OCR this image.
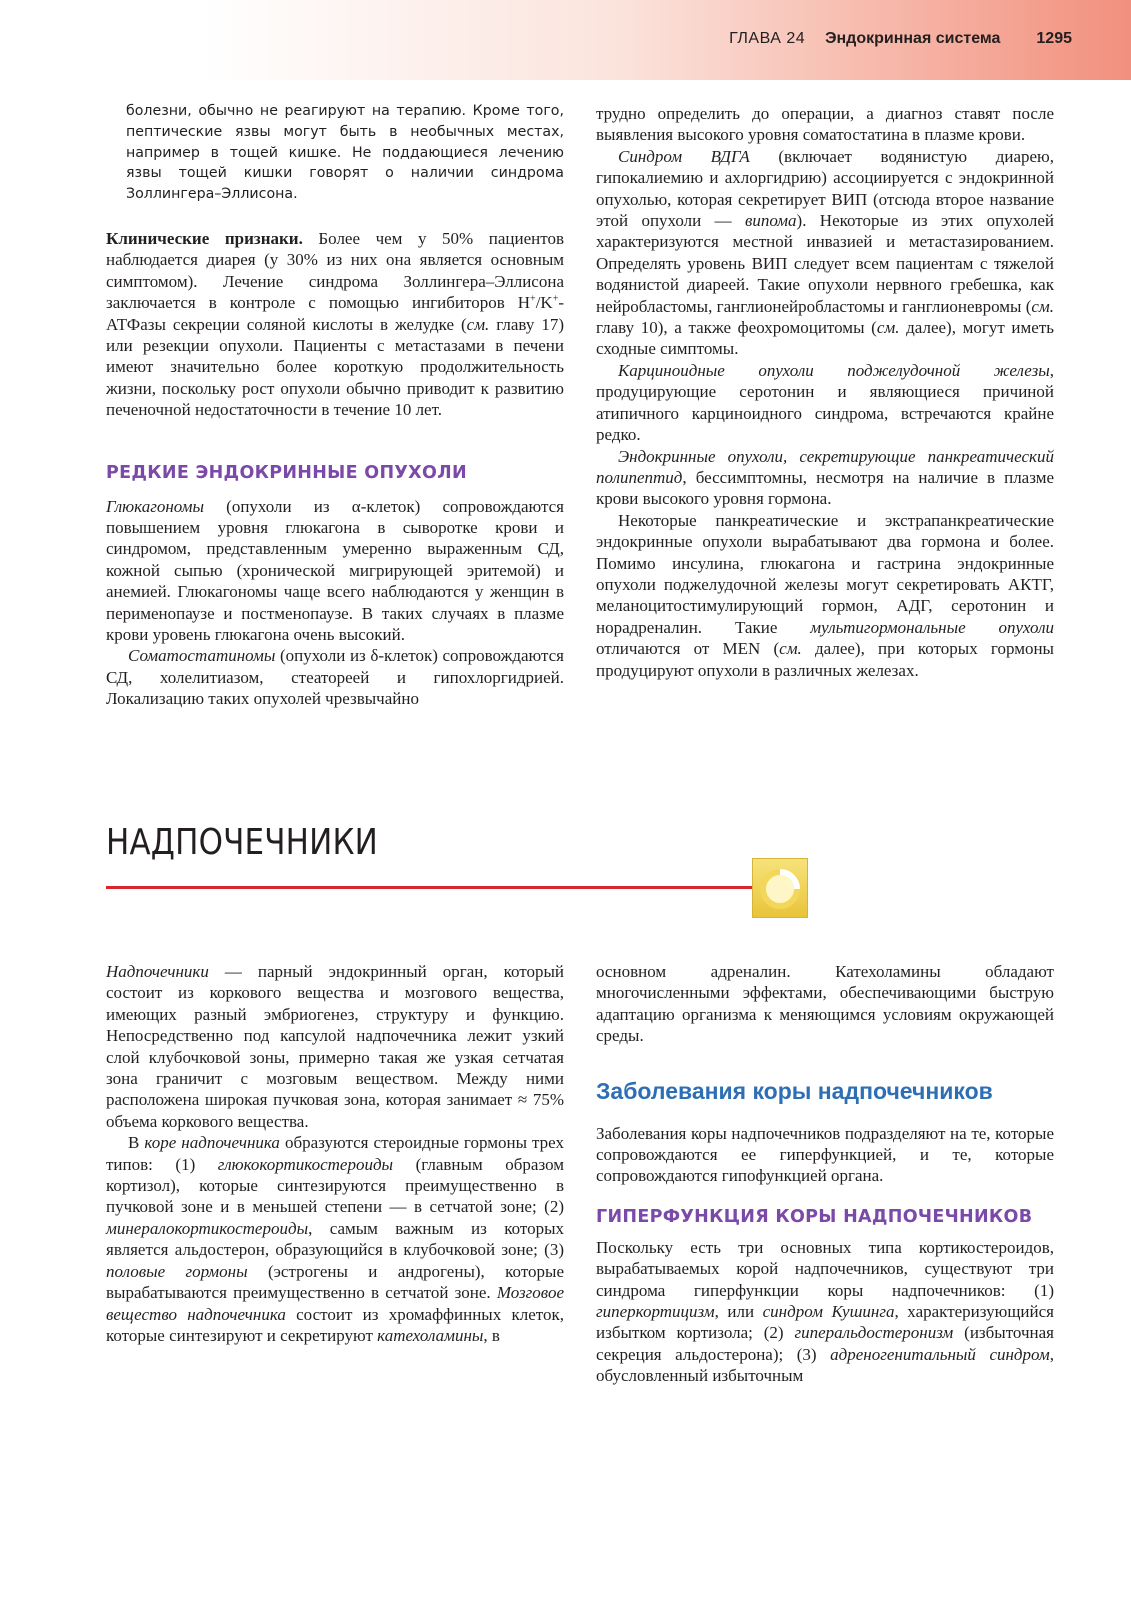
ГЛАВА 24 Эндокринная система 1295

болезни, обычно не реагируют на терапию. Кроме того, пептические язвы могут быть в необычных местах, например в тощей кишке. Не поддающиеся лечению язвы тощей кишки говорят о наличии синдрома Золлингера–Эллисона.

Клинические признаки. Более чем у 50% пациентов наблюдается диарея (у 30% из них она является основным симптомом). Лечение синдрома Золлингера–Эллисона заключается в контроле с помощью ингибиторов H+/K+-АТФазы секреции соляной кислоты в желудке (см. главу 17) или резекции опухоли. Пациенты с метастазами в печени имеют значительно более короткую продолжительность жизни, поскольку рост опухоли обычно приводит к развитию печеночной недостаточности в течение 10 лет.

РЕДКИЕ ЭНДОКРИННЫЕ ОПУХОЛИ

Глюкагономы (опухоли из α-клеток) сопровождаются повышением уровня глюкагона в сыворотке крови и синдромом, представленным умеренно выраженным СД, кожной сыпью (хронической мигрирующей эритемой) и анемией. Глюкагономы чаще всего наблюдаются у женщин в перименопаузе и постменопаузе. В таких случаях в плазме крови уровень глюкагона очень высокий.

Соматостатиномы (опухоли из δ-клеток) сопровождаются СД, холелитиазом, стеатореей и гипохлоргидрией. Локализацию таких опухолей чрезвычайно

трудно определить до операции, а диагноз ставят после выявления высокого уровня соматостатина в плазме крови.

Синдром ВДГА (включает водянистую диарею, гипокалиемию и ахлоргидрию) ассоциируется с эндокринной опухолью, которая секретирует ВИП (отсюда второе название этой опухоли — випома). Некоторые из этих опухолей характеризуются местной инвазией и метастазированием. Определять уровень ВИП следует всем пациентам с тяжелой водянистой диареей. Такие опухоли нервного гребешка, как нейробластомы, ганглионейробластомы и ганглионевромы (см. главу 10), а также феохромоцитомы (см. далее), могут иметь сходные симптомы.

Карциноидные опухоли поджелудочной железы, продуцирующие серотонин и являющиеся причиной атипичного карциноидного синдрома, встречаются крайне редко.

Эндокринные опухоли, секретирующие панкреатический полипептид, бессимптомны, несмотря на наличие в плазме крови высокого уровня гормона.

Некоторые панкреатические и экстрапанкреатические эндокринные опухоли вырабатывают два гормона и более. Помимо инсулина, глюкагона и гастрина эндокринные опухоли поджелудочной железы могут секретировать АКТГ, меланоцитостимулирующий гормон, АДГ, серотонин и норадреналин. Такие мультигормональные опухоли отличаются от MEN (см. далее), при которых гормоны продуцируют опухоли в различных железах.

НАДПОЧЕЧНИКИ

Надпочечники — парный эндокринный орган, который состоит из коркового вещества и мозгового вещества, имеющих разный эмбриогенез, структуру и функцию. Непосредственно под капсулой надпочечника лежит узкий слой клубочковой зоны, примерно такая же узкая сетчатая зона граничит с мозговым веществом. Между ними расположена широкая пучковая зона, которая занимает ≈ 75% объема коркового вещества.

В коре надпочечника образуются стероидные гормоны трех типов: (1) глюкокортикостероиды (главным образом кортизол), которые синтезируются преимущественно в пучковой зоне и в меньшей степени — в сетчатой зоне; (2) минералокортикостероиды, самым важным из которых является альдостерон, образующийся в клубочковой зоне; (3) половые гормоны (эстрогены и андрогены), которые вырабатываются преимущественно в сетчатой зоне. Мозговое вещество надпочечника состоит из хромаффинных клеток, которые синтезируют и секретируют катехоламины, в

основном адреналин. Катехоламины обладают многочисленными эффектами, обеспечивающими быструю адаптацию организма к меняющимся условиям окружающей среды.

Заболевания коры надпочечников

Заболевания коры надпочечников подразделяют на те, которые сопровождаются ее гиперфункцией, и те, которые сопровождаются гипофункцией органа.

ГИПЕРФУНКЦИЯ КОРЫ НАДПОЧЕЧНИКОВ

Поскольку есть три основных типа кортикостероидов, вырабатываемых корой надпочечников, существуют три синдрома гиперфункции коры надпочечников: (1) гиперкортицизм, или синдром Кушинга, характеризующийся избытком кортизола; (2) гиперальдостеронизм (избыточная секреция альдостерона); (3) адреногенитальный синдром, обусловленный избыточным
